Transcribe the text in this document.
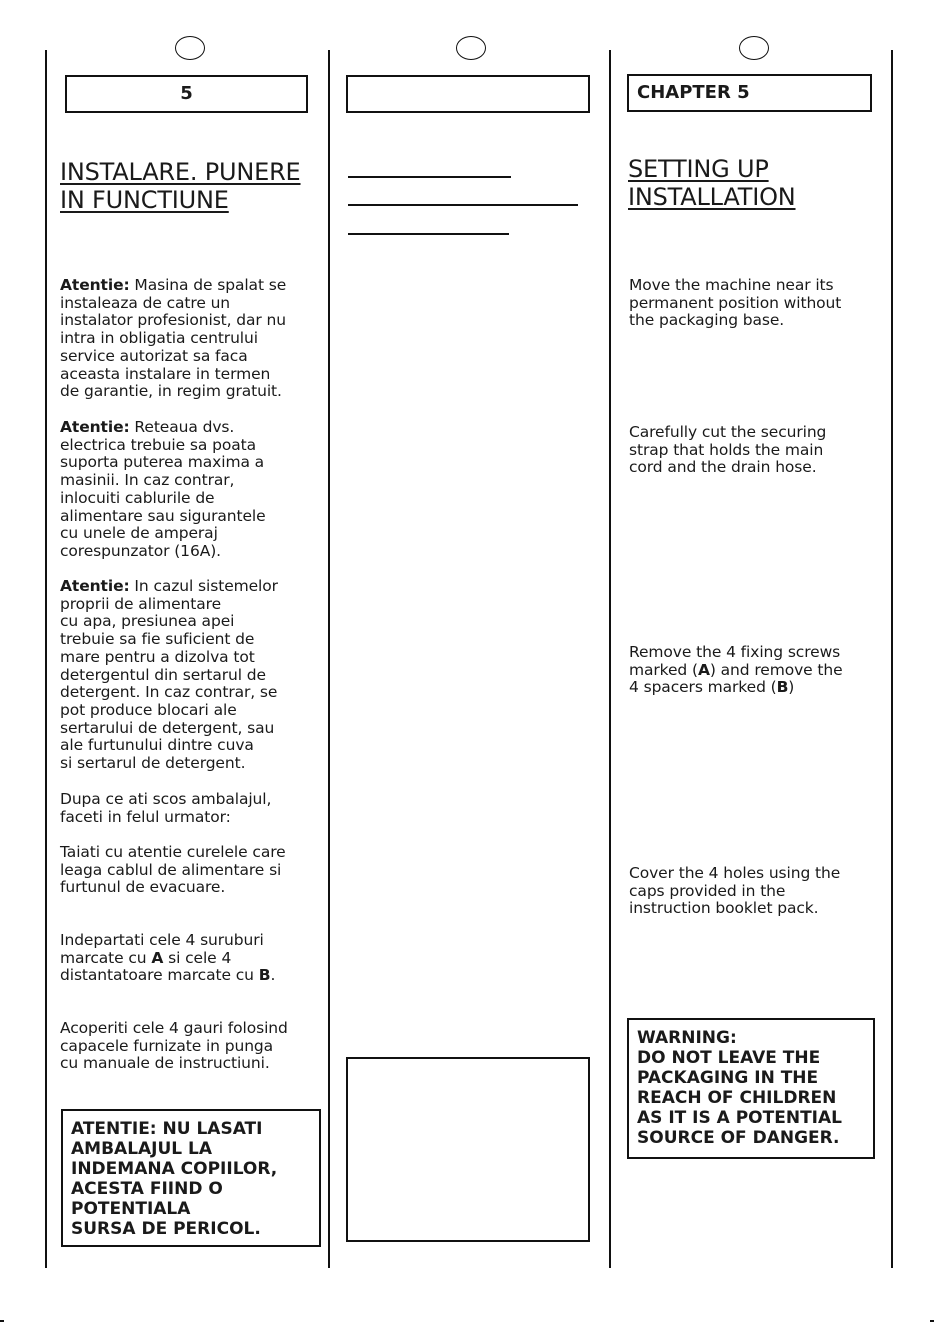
5
INSTALARE. PUNERE
IN FUNCTIUNE
Atentie: Masina de spalat se
instaleaza de catre un
instalator profesionist, dar nu
intra in obligatia centrului
service autorizat sa faca
aceasta instalare in termen
de garantie, in regim gratuit.
Atentie: Reteaua dvs.
electrica trebuie sa poata
suporta puterea maxima a
masinii. In caz contrar,
inlocuiti cablurile de
alimentare sau sigurantele
cu unele de amperaj
corespunzator (16A).
Atentie: In cazul sistemelor
proprii de alimentare
cu apa, presiunea apei
trebuie sa fie suficient de
mare pentru a dizolva tot
detergentul din sertarul de
detergent. In caz contrar, se
pot produce blocari ale
sertarului de detergent, sau
ale furtunului dintre cuva
si sertarul de detergent.
Dupa ce ati scos ambalajul,
faceti in felul urmator:
Taiati cu atentie curelele care
leaga cablul de alimentare si
furtunul de evacuare.
Indepartati cele 4 suruburi
marcate cu A si cele 4
distantatoare marcate cu B.
Acoperiti cele 4 gauri folosind
capacele furnizate in punga
cu manuale de instructiuni.
ATENTIE: NU LASATI
AMBALAJUL LA
INDEMANA COPIILOR,
ACESTA FIIND O
POTENTIALA
SURSA DE PERICOL.
CHAPTER 5
SETTING UP
INSTALLATION
Move the machine near its
permanent position without
the packaging base.
Carefully cut the securing
strap that holds the main
cord and the drain hose.
Remove the 4 fixing screws
marked (A) and remove the
4 spacers marked (B)
Cover the 4 holes using the
caps provided in the
instruction booklet pack.
WARNING:
DO NOT LEAVE THE
PACKAGING IN THE
REACH OF CHILDREN
AS IT IS A POTENTIAL
SOURCE OF DANGER.
